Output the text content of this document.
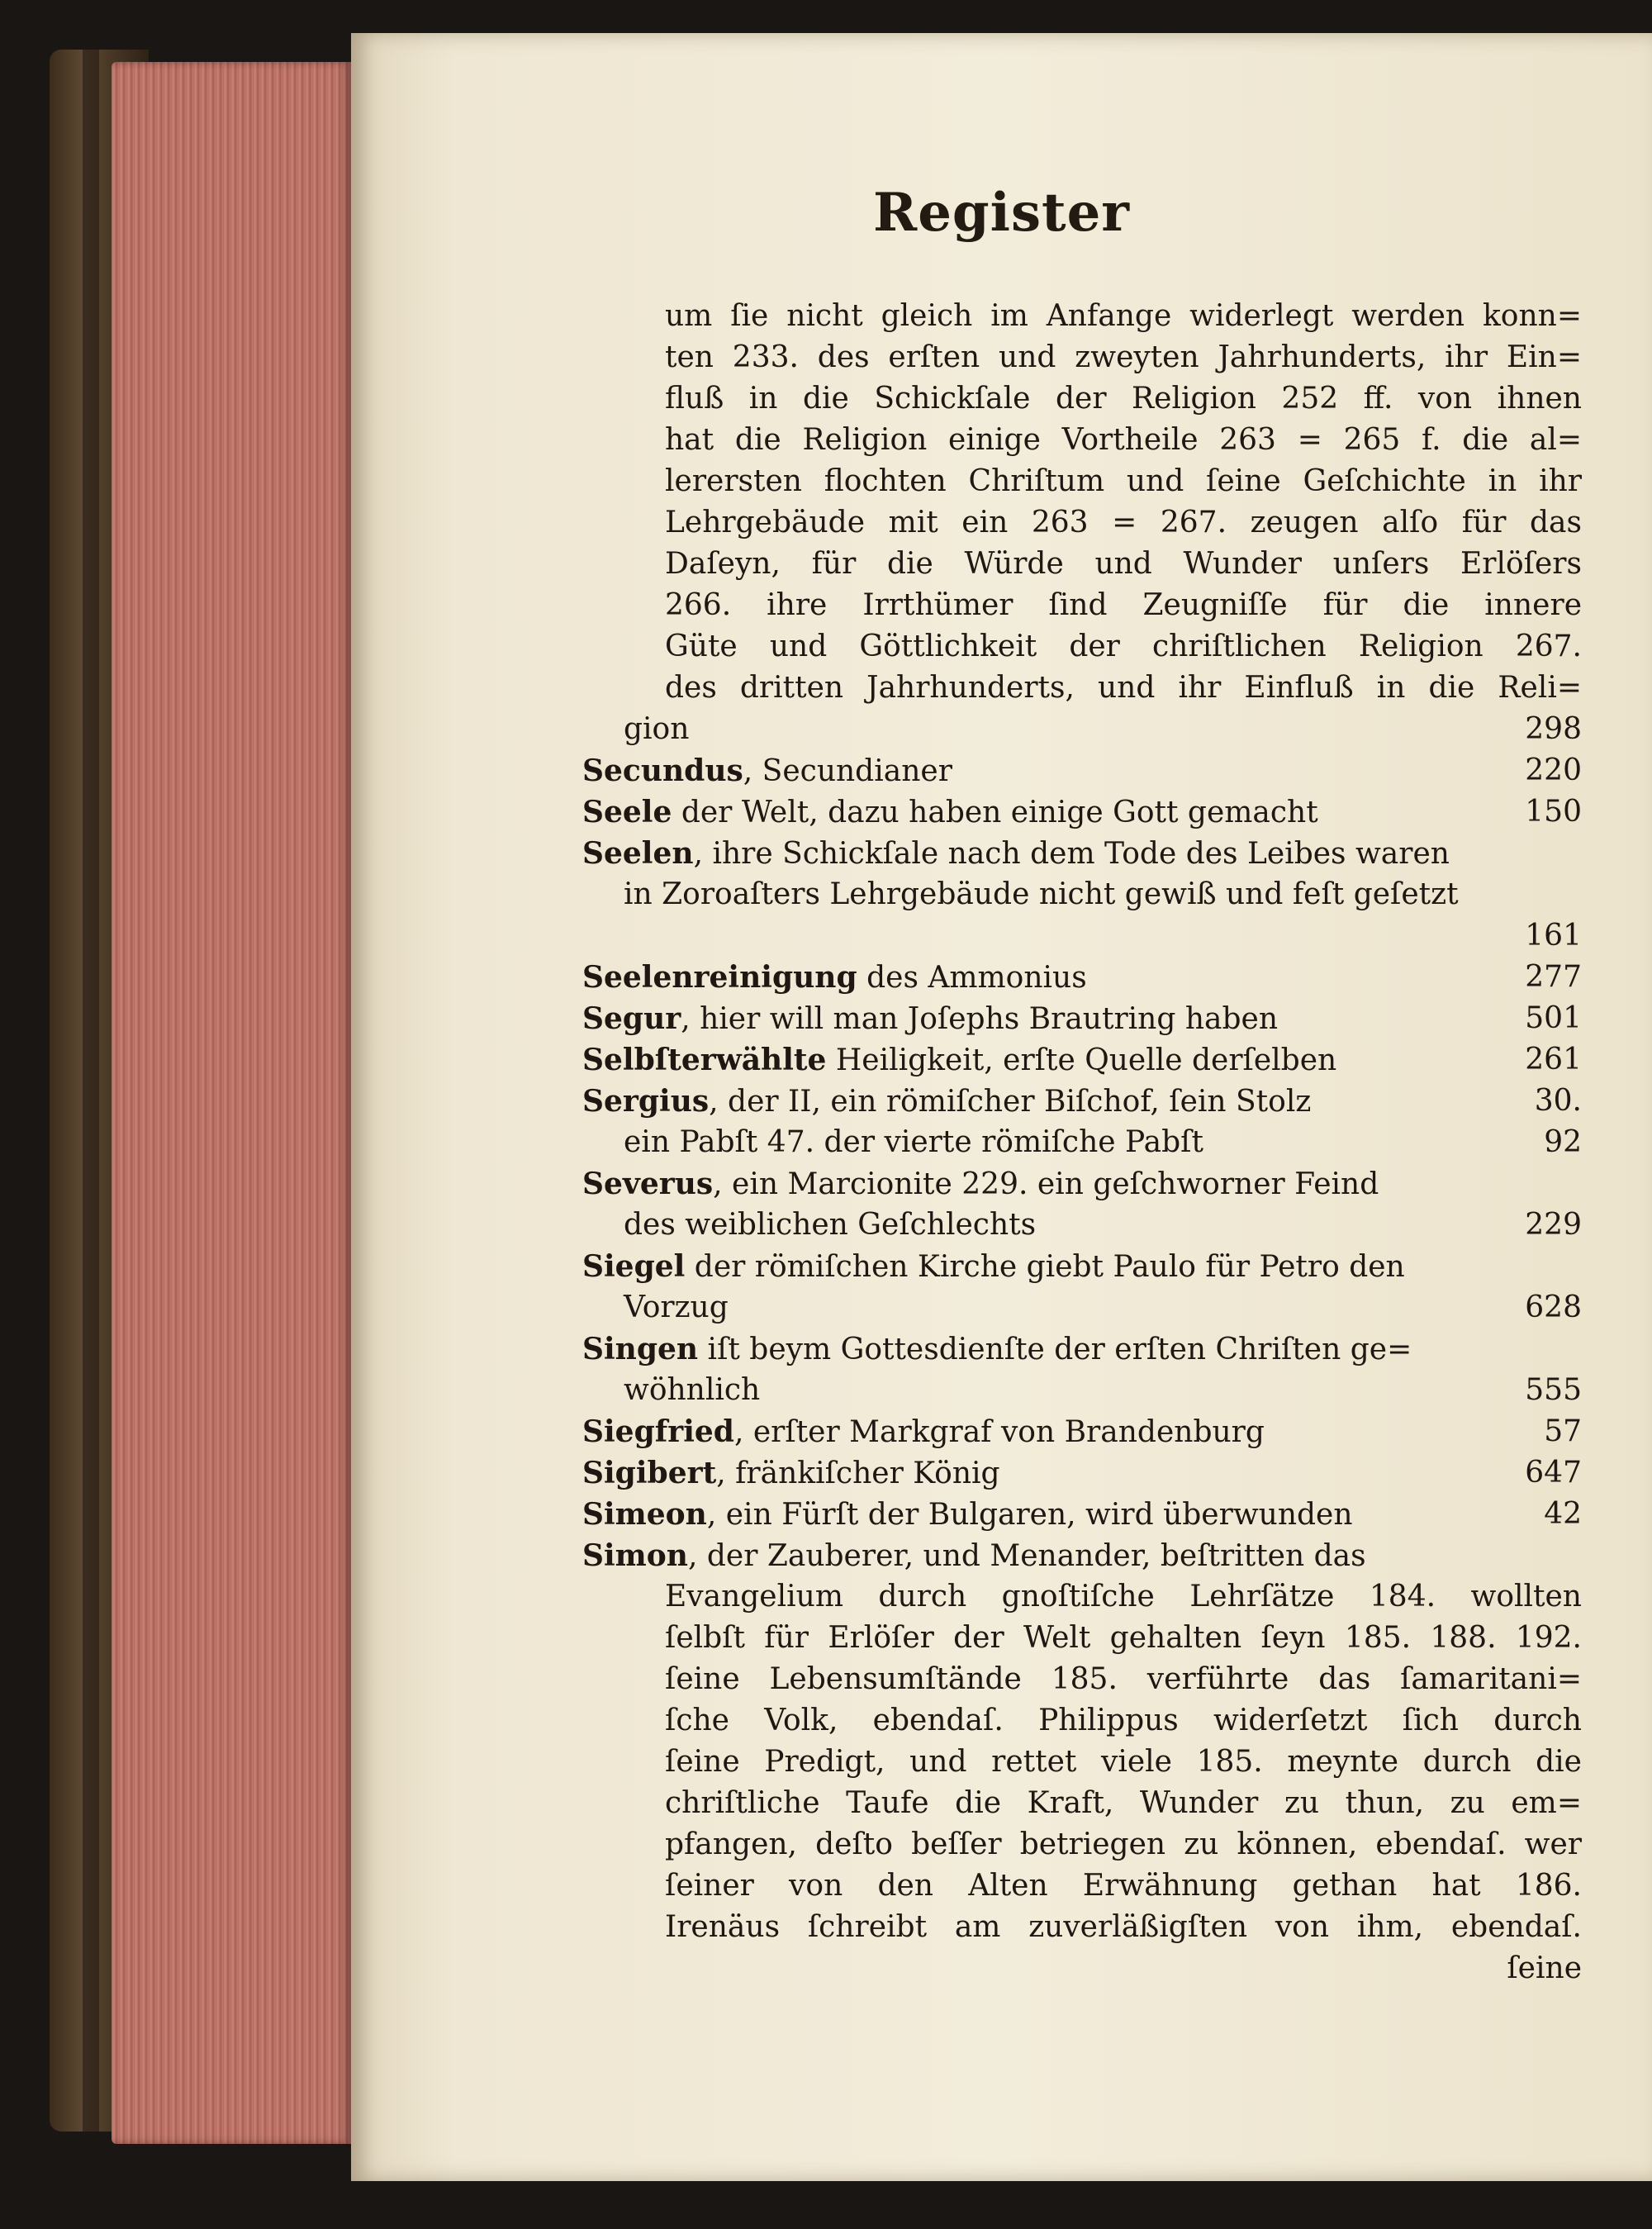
Register
um ſie nicht gleich im Anfange widerlegt werden konn=
ten 233. des erſten und zweyten Jahrhunderts, ihr Ein=
fluß in die Schickſale der Religion 252 ff. von ihnen
hat die Religion einige Vortheile 263 = 265 f. die al=
lerersten flochten Chriſtum und ſeine Geſchichte in ihr
Lehrgebäude mit ein 263 = 267. zeugen alſo für das
Daſeyn, für die Würde und Wunder unſers Erlöſers
266. ihre Irrthümer ſind Zeugniſſe für die innere
Güte und Göttlichkeit der chriſtlichen Religion 267.
des dritten Jahrhunderts, und ihr Einfluß in die Reli=
gion	298
Secundus, Secundianer	220
Seele der Welt, dazu haben einige Gott gemacht	150
Seelen, ihre Schickſale nach dem Tode des Leibes waren
in Zoroaſters Lehrgebäude nicht gewiß und feſt geſetzt
161
Seelenreinigung des Ammonius	277
Segur, hier will man Joſephs Brautring haben	501
Selbſterwählte Heiligkeit, erſte Quelle derſelben	261
Sergius, der II, ein römiſcher Biſchof, ſein Stolz	30.
ein Pabſt 47. der vierte römiſche Pabſt	92
Severus, ein Marcionite 229. ein geſchworner Feind
des weiblichen Geſchlechts	229
Siegel der römiſchen Kirche giebt Paulo für Petro den
Vorzug	628
Singen iſt beym Gottesdienſte der erſten Chriſten ge=
wöhnlich	555
Siegfried, erſter Markgraf von Brandenburg	57
Sigibert, fränkiſcher König	647
Simeon, ein Fürſt der Bulgaren, wird überwunden	42
Simon, der Zauberer, und Menander, beſtritten das
Evangelium durch gnoſtiſche Lehrſätze 184. wollten
ſelbſt für Erlöſer der Welt gehalten ſeyn 185. 188. 192.
ſeine Lebensumſtände 185. verführte das ſamaritani=
ſche Volk, ebendaſ. Philippus widerſetzt ſich durch
ſeine Predigt, und rettet viele 185. meynte durch die
chriſtliche Taufe die Kraft, Wunder zu thun, zu em=
pfangen, deſto beſſer betriegen zu können, ebendaſ. wer
ſeiner von den Alten Erwähnung gethan hat 186.
Irenäus ſchreibt am zuverläßigſten von ihm, ebendaſ.
ſeine
